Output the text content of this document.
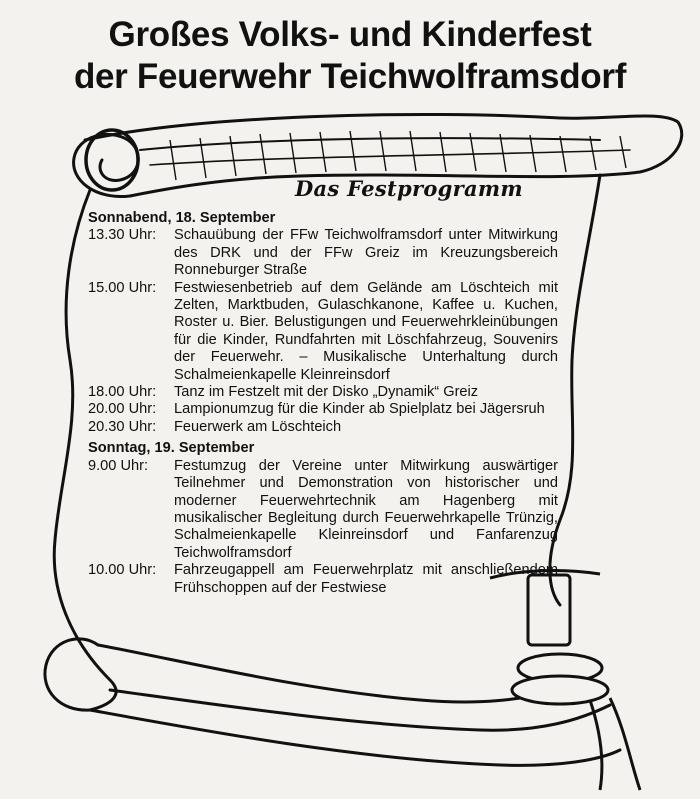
Großes Volks- und Kinderfest
der Feuerwehr Teichwolframsdorf
Das Festprogramm
Sonnabend, 18. September
13.30 Uhr:	Schauübung der FFw Teichwolframsdorf unter Mitwirkung des DRK und der FFw Greiz im Kreuzungsbereich Ronneburger Straße
15.00 Uhr:	Festwiesenbetrieb auf dem Gelände am Löschteich mit Zelten, Marktbuden, Gulaschkanone, Kaffee u. Kuchen, Roster u. Bier. Belustigungen und Feuerwehrkleinübungen für die Kinder, Rundfahrten mit Löschfahrzeug, Souvenirs der Feuerwehr. – Musikalische Unterhaltung durch Schalmeienkapelle Kleinreinsdorf
18.00 Uhr:	Tanz im Festzelt mit der Disko „Dynamik“ Greiz
20.00 Uhr:	Lampionumzug für die Kinder ab Spielplatz bei Jägersruh
20.30 Uhr:	Feuerwerk am Löschteich
Sonntag, 19. September
9.00 Uhr:	Festumzug der Vereine unter Mitwirkung auswärtiger Teilnehmer und Demonstration von historischer und moderner Feuerwehrtechnik am Hagenberg mit musikalischer Begleitung durch Feuerwehrkapelle Trünzig, Schalmeienkapelle Kleinreinsdorf und Fanfarenzug Teichwolframsdorf
10.00 Uhr:	Fahrzeugappell am Feuerwehrplatz mit anschließendem Frühschoppen auf der Festwiese
